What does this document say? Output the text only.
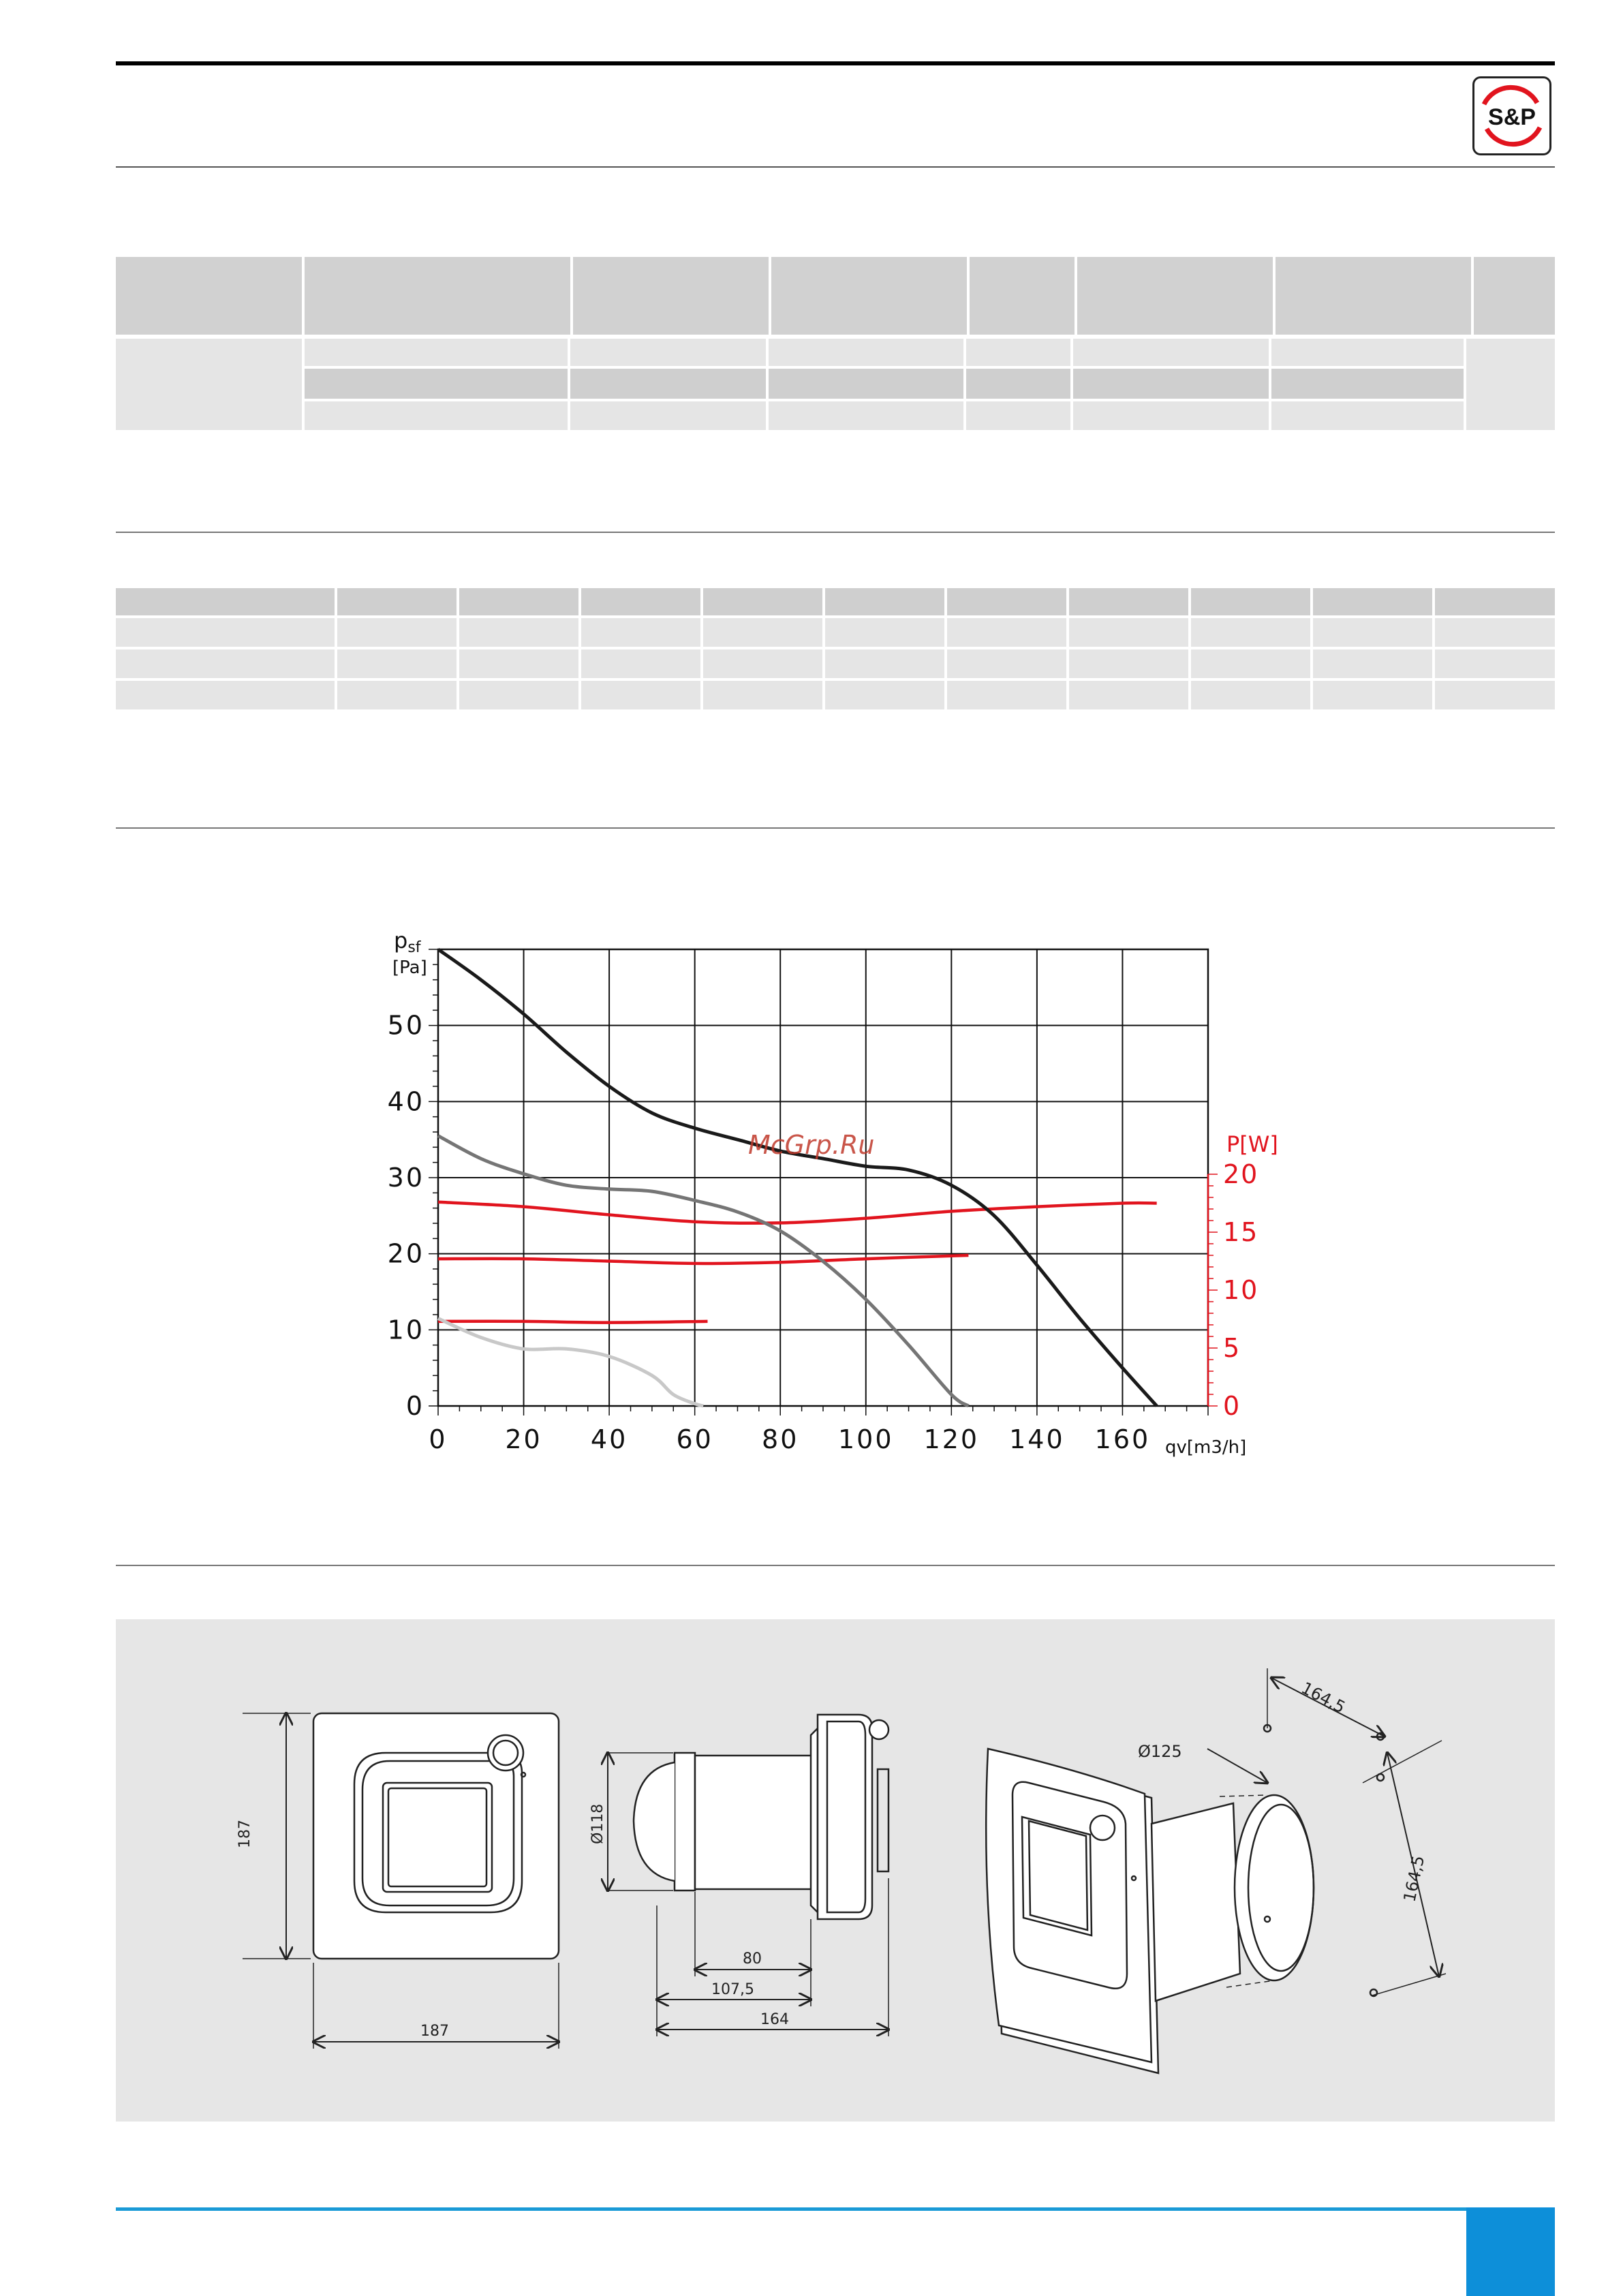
S&P

0 20 40 60 80 100 120 140 160
0
10
20
30
40
50
0
5
10
15
20
psf
[Pa]
P[W]
qv[m3/h]
McGrp.Ru
187
187
Ø118
80
107,5
164
Ø125
164,5
164,5
